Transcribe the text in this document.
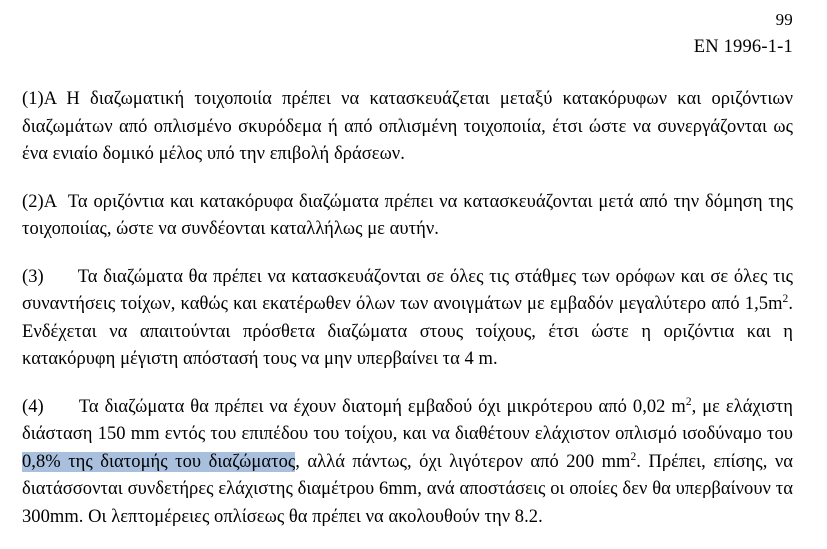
99
EN 1996-1-1

(1)A Η διαζωματική τοιχοποιία πρέπει να κατασκευάζεται μεταξύ κατακόρυφων και οριζόντιων διαζωμάτων από οπλισμένο σκυρόδεμα ή από οπλισμένη τοιχοποιία, έτσι ώστε να συνεργάζονται ως ένα ενιαίο δομικό μέλος υπό την επιβολή δράσεων.

(2)A Τα οριζόντια και κατακόρυφα διαζώματα πρέπει να κατασκευάζονται μετά από την δόμηση της τοιχοποιίας, ώστε να συνδέονται καταλλήλως με αυτήν.

(3) Τα διαζώματα θα πρέπει να κατασκευάζονται σε όλες τις στάθμες των ορόφων και σε όλες τις συναντήσεις τοίχων, καθώς και εκατέρωθεν όλων των ανοιγμάτων με εμβαδόν μεγαλύτερο από $1,5m^2$. Ενδέχεται να απαιτούνται πρόσθετα διαζώματα στους τοίχους, έτσι ώστε η οριζόντια και η κατακόρυφη μέγιστη απόστασή τους να μην υπερβαίνει τα 4 m.

(4) Τα διαζώματα θα πρέπει να έχουν διατομή εμβαδού όχι μικρότερου από 0,02 $m^2$, με ελάχιστη διάσταση 150 mm εντός του επιπέδου του τοίχου, και να διαθέτουν ελάχιστον οπλισμό ισοδύναμο του 0,8% της διατομής του διαζώματος, αλλά πάντως, όχι λιγότερον από 200 $mm^2$. Πρέπει, επίσης, να διατάσσονται συνδετήρες ελάχιστης διαμέτρου 6mm, ανά αποστάσεις οι οποίες δεν θα υπερβαίνουν τα 300mm. Οι λεπτομέρειες οπλίσεως θα πρέπει να ακολουθούν την 8.2.
